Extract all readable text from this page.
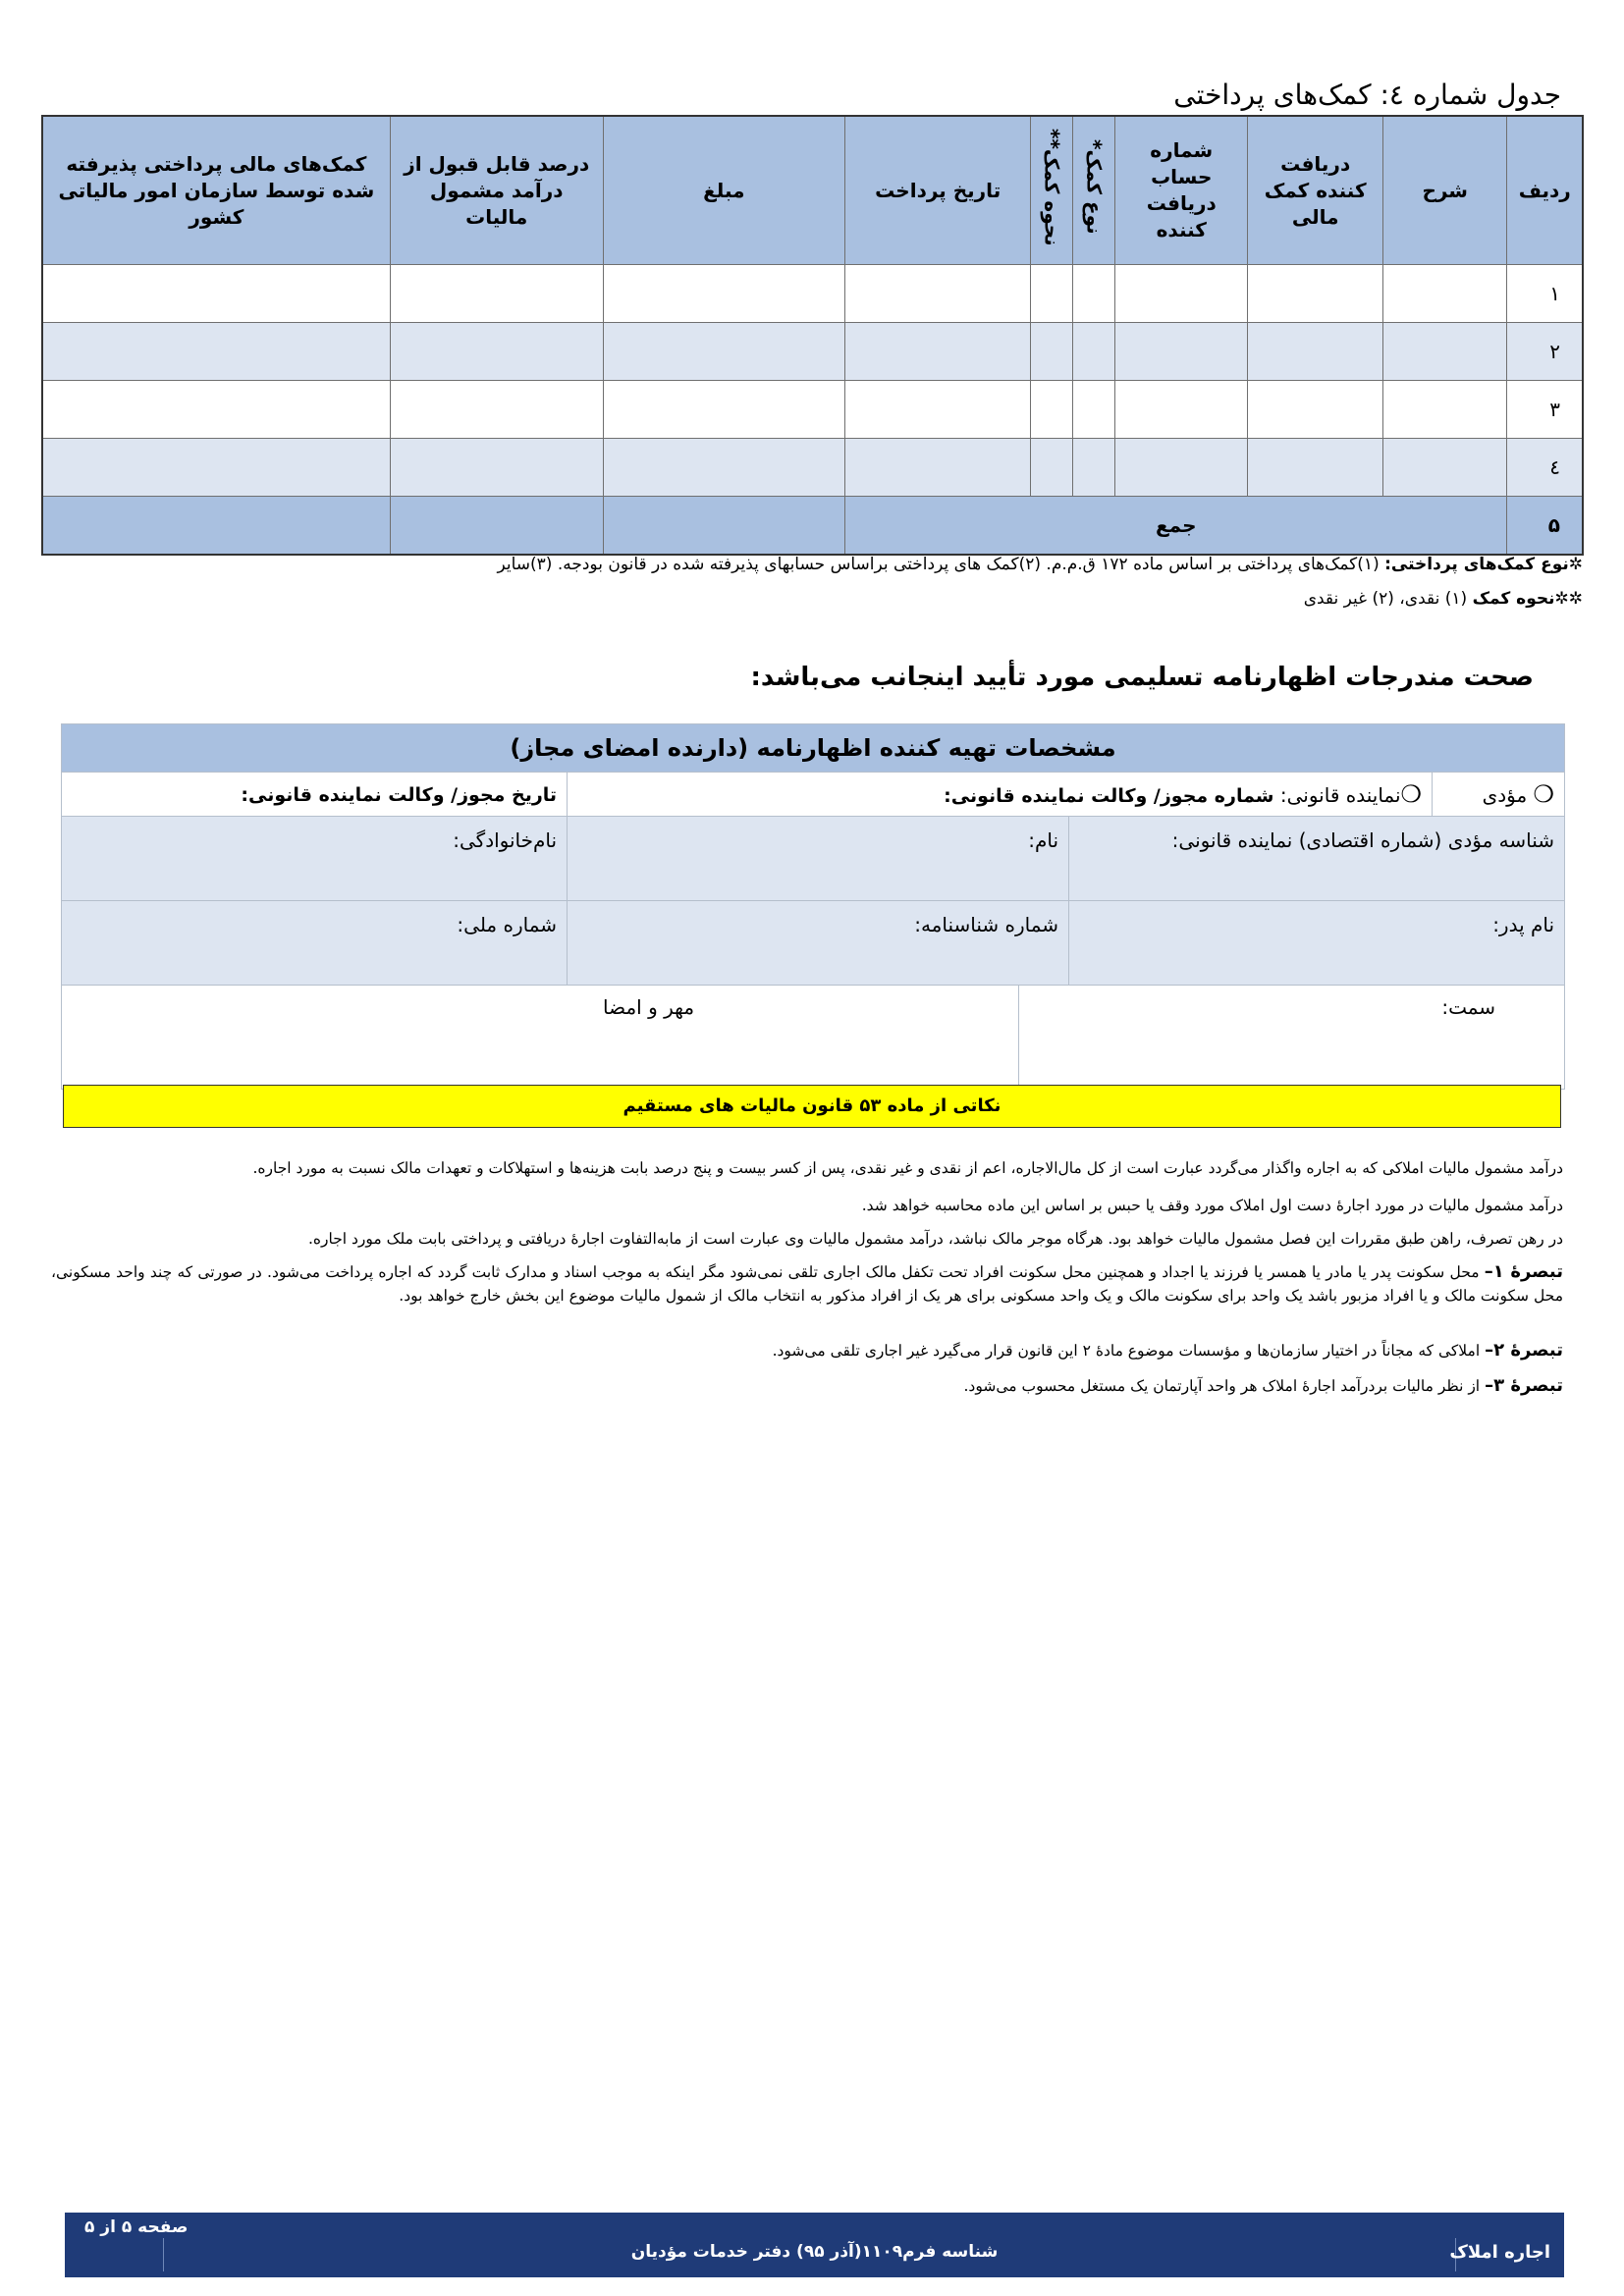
جدول شماره ٤: کمک‌های پرداختی
ردیف	شرح	دریافت کننده کمک مالی	شماره حساب دریافت کننده	نوع کمک*	نحوه کمک**	تاریخ پرداخت	مبلغ	درصد قابل قبول از درآمد مشمول مالیات	کمک‌های مالی پرداختی پذیرفته شده توسط سازمان امور مالیاتی کشور
۱									
۲									
۳									
٤									
۵	جمع								
✲نوع کمک‌های پرداختی: (۱)کمک‌های پرداختی بر اساس ماده ۱۷۲ ق.م.م. (۲)کمک های پرداختی براساس حسابهای پذیرفته شده در قانون بودجه. (۳)سایر
✲✲نحوه کمک (۱) نقدی، (۲) غیر نقدی
صحت مندرجات اظهارنامه تسلیمی مورد تأیید اینجانب می‌باشد:
مشخصات تهیه کننده اظهارنامه (دارنده امضای مجاز)				
❍ مؤدی	❍نماینده قانونی: شماره مجوز/ وکالت نماینده قانونی:			تاریخ مجوز/ وکالت نماینده قانونی:
شناسه مؤدی (شماره اقتصادی) نماینده قانونی:		نام:		نام‌خانوادگی:
نام پدر:		شماره شناسنامه:		شماره ملی:
سمت:			مهر و امضا	
نکاتی از ماده ۵۳ قانون مالیات های مستقیم
درآمد مشمول مالیات املاکی که به اجاره واگذار می‌گردد عبارت است از کل مال‌الاجاره، اعم از نقدی و غیر نقدی، پس از کسر بیست و پنج درصد بابت هزینه‌ها و استهلاکات و تعهدات مالک نسبت به مورد اجاره.
درآمد مشمول مالیات در مورد اجارهٔ دست اول املاک مورد وقف یا حبس بر اساس این ماده محاسبه خواهد شد.
در رهن تصرف، راهن طبق مقررات این فصل مشمول مالیات خواهد بود. هرگاه موجر مالک نباشد، درآمد مشمول مالیات وی عبارت است از مابه‌التفاوت اجارهٔ دریافتی و پرداختی بابت ملک مورد اجاره.
تبصرهٔ ۱– محل سکونت پدر یا مادر یا همسر یا فرزند یا اجداد و همچنین محل سکونت افراد تحت تکفل مالک اجاری تلقی نمی‌شود مگر اینکه به موجب اسناد و مدارک ثابت گردد که اجاره پرداخت می‌شود. در صورتی که چند واحد مسکونی، محل سکونت مالک و یا افراد مزبور باشد یک واحد برای سکونت مالک و یک واحد مسکونی برای هر یک از افراد مذکور به انتخاب مالک از شمول مالیات موضوع این بخش خارج خواهد بود.
تبصرهٔ ۲– املاکی که مجاناً در اختیار سازمان‌ها و مؤسسات موضوع مادهٔ ۲ این قانون قرار می‌گیرد غیر اجاری تلقی می‌شود.
تبصرهٔ ۳– از نظر مالیات بردرآمد اجارهٔ املاک هر واحد آپارتمان یک مستغل محسوب می‌شود.
اجاره املاک
شناسه فرم۱۱۰۹(آذر ۹۵) دفتر خدمات مؤدیان
صفحه ۵ از ۵
